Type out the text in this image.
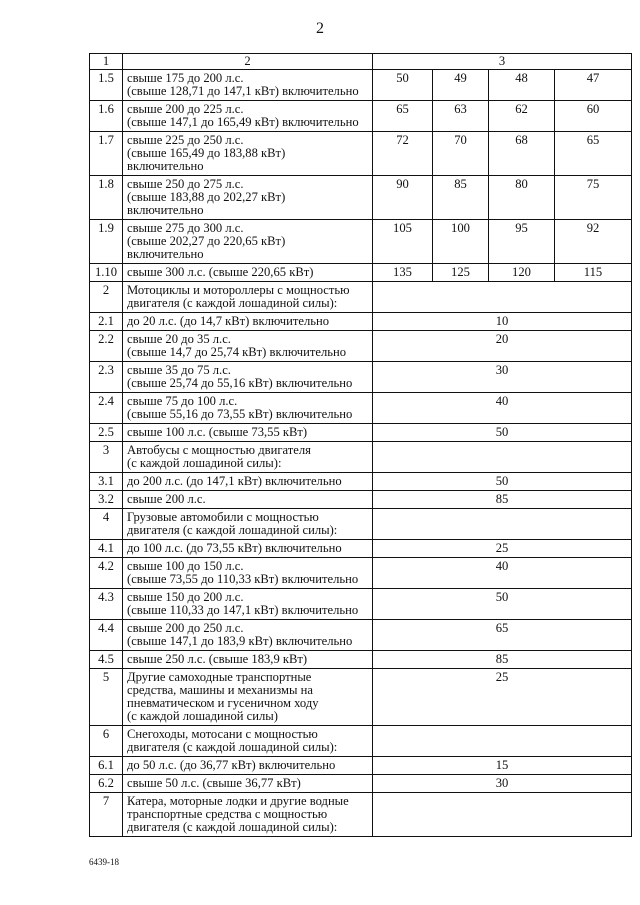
2
1	2	3			
1.5	свыше 175 до 200 л.с.
(свыше 128,71 до 147,1 кВт) включительно	50	49	48	47
1.6	свыше 200 до 225 л.с.
(свыше 147,1 до 165,49 кВт) включительно	65	63	62	60
1.7	свыше 225 до 250 л.с.
(свыше 165,49 до 183,88 кВт)
включительно	72	70	68	65
1.8	свыше 250 до 275 л.с.
(свыше 183,88 до 202,27 кВт)
включительно	90	85	80	75
1.9	свыше 275 до 300 л.с.
(свыше 202,27 до 220,65 кВт)
включительно	105	100	95	92
1.10	свыше 300 л.с. (свыше 220,65 кВт)	135	125	120	115
2	Мотоциклы и мотороллеры с мощностью
двигателя (с каждой лошадиной силы):				
2.1	до 20 л.с. (до 14,7 кВт) включительно	10			
2.2	свыше 20 до 35 л.с.
(свыше 14,7 до 25,74 кВт) включительно	20			
2.3	свыше 35 до 75 л.с.
(свыше 25,74 до 55,16 кВт) включительно	30			
2.4	свыше 75 до 100 л.с.
(свыше 55,16 до 73,55 кВт) включительно	40			
2.5	свыше 100 л.с. (свыше 73,55 кВт)	50			
3	Автобусы с мощностью двигателя
(с каждой лошадиной силы):				
3.1	до 200 л.с. (до 147,1 кВт) включительно	50			
3.2	свыше 200 л.с.	85			
4	Грузовые автомобили с мощностью
двигателя (с каждой лошадиной силы):				
4.1	до 100 л.с. (до 73,55 кВт) включительно	25			
4.2	свыше 100 до 150 л.с.
(свыше 73,55 до 110,33 кВт) включительно	40			
4.3	свыше 150 до 200 л.с.
(свыше 110,33 до 147,1 кВт) включительно	50			
4.4	свыше 200 до 250 л.с.
(свыше 147,1 до 183,9 кВт) включительно	65			
4.5	свыше 250 л.с. (свыше 183,9 кВт)	85			
5	Другие самоходные транспортные
средства, машины и механизмы на
пневматическом и гусеничном ходу
(с каждой лошадиной силы)	25			
6	Снегоходы, мотосани с мощностью
двигателя (с каждой лошадиной силы):				
6.1	до 50 л.с. (до 36,77 кВт) включительно	15			
6.2	свыше 50 л.с. (свыше 36,77 кВт)	30			
7	Катера, моторные лодки и другие водные
транспортные средства с мощностью
двигателя (с каждой лошадиной силы):				
6439-18
